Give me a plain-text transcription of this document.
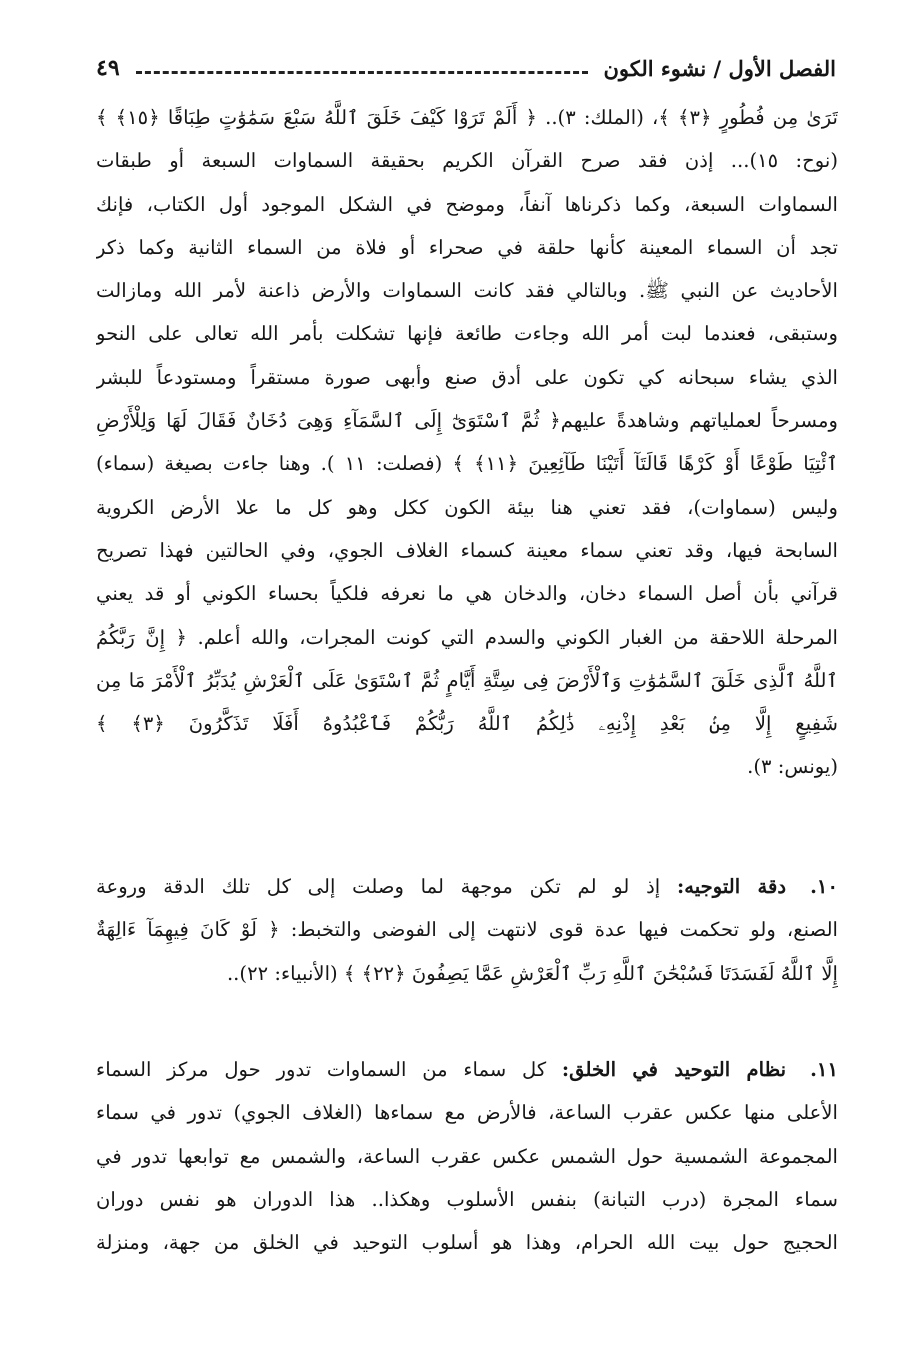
الفصل الأول / نشوء الكون
٤٩
تَرَىٰ مِن فُطُورٍ ﴿٣﴾ ﴾، (الملك: ٣).. ﴿ أَلَمْ تَرَوْا كَيْفَ خَلَقَ ٱللَّهُ سَبْعَ سَمَٰوَٰتٍ طِبَاقًا ﴿١٥﴾ ﴾
(نوح: ١٥)... إذن فقد صرح القرآن الكريم بحقيقة السماوات السبعة أو طبقات
السماوات السبعة، وكما ذكرناها آنفاً، وموضح في الشكل الموجود أول الكتاب، فإنك
تجد أن السماء المعينة كأنها حلقة في صحراء أو فلاة من السماء الثانية وكما ذكر
الأحاديث عن النبي ﷺ. وبالتالي فقد كانت السماوات والأرض ذاعنة لأمر الله ومازالت
وستبقى، فعندما لبت أمر الله وجاءت طائعة فإنها تشكلت بأمر الله تعالى على النحو
الذي يشاء سبحانه كي تكون على أدق صنع وأبهى صورة مستقراً ومستودعاً للبشر
ومسرحاً لعملياتهم وشاهدةً عليهم﴿ ثُمَّ ٱسْتَوَىٰٓ إِلَى ٱلسَّمَآءِ وَهِىَ دُخَانٌ فَقَالَ لَهَا وَلِلْأَرْضِ
ٱئْتِيَا طَوْعًا أَوْ كَرْهًا قَالَتَآ أَتَيْنَا طَآئِعِينَ ﴿١١﴾ ﴾ (فصلت: ١١ ). وهنا جاءت بصيغة (سماء)
وليس (سماوات)، فقد تعني هنا بيئة الكون ككل وهو كل ما علا الأرض الكروية
السابحة فيها، وقد تعني سماء معينة كسماء الغلاف الجوي، وفي الحالتين فهذا تصريح
قرآني بأن أصل السماء دخان، والدخان هي ما نعرفه فلكياً بحساء الكوني أو قد يعني
المرحلة اللاحقة من الغبار الكوني والسدم التي كونت المجرات، والله أعلم. ﴿ إِنَّ رَبَّكُمُ
ٱللَّهُ ٱلَّذِى خَلَقَ ٱلسَّمَٰوَٰتِ وَٱلْأَرْضَ فِى سِتَّةِ أَيَّامٍ ثُمَّ ٱسْتَوَىٰ عَلَى ٱلْعَرْشِ يُدَبِّرُ ٱلْأَمْرَ مَا مِن
شَفِيعٍ إِلَّا مِنۢ بَعْدِ إِذْنِهِۦ ذَٰلِكُمُ ٱللَّهُ رَبُّكُمْ فَٱعْبُدُوهُ أَفَلَا تَذَكَّرُونَ ﴿٣﴾ ﴾
(يونس: ٣).
١٠.دقة التوجيه: إذ لو لم تكن موجهة لما وصلت إلى كل تلك الدقة وروعة
الصنع، ولو تحكمت فيها عدة قوى لانتهت إلى الفوضى والتخبط: ﴿ لَوْ كَانَ فِيهِمَآ ءَالِهَةٌ
إِلَّا ٱللَّهُ لَفَسَدَتَا فَسُبْحَٰنَ ٱللَّهِ رَبِّ ٱلْعَرْشِ عَمَّا يَصِفُونَ ﴿٢٢﴾ ﴾ (الأنبياء: ٢٢)..
١١.نظام التوحيد في الخلق: كل سماء من السماوات تدور حول مركز السماء
الأعلى منها عكس عقرب الساعة، فالأرض مع سماءها (الغلاف الجوي) تدور في سماء
المجموعة الشمسية حول الشمس عكس عقرب الساعة، والشمس مع توابعها تدور في
سماء المجرة (درب التبانة) بنفس الأسلوب وهكذا.. هذا الدوران هو نفس دوران
الحجيج حول بيت الله الحرام، وهذا هو أسلوب التوحيد في الخلق من جهة، ومنزلة
